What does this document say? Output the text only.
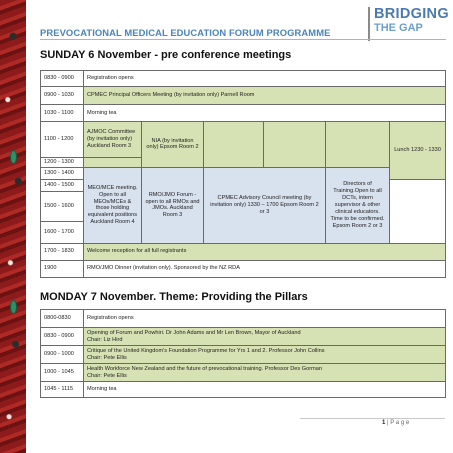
PREVOCATIONAL MEDICAL EDUCATION FORUM PROGRAMME
BRIDGING
THE GAP
SUNDAY 6 November - pre conference meetings
0830 - 0900	Registration opens					
0900 - 1030	CPMEC Principal Officers Meeting (by invitation only) Parnell Room					
1030 - 1100	Morning tea					
1100 - 1200	AJMOC Committee (by invitation only) Auckland Room 3	NIA (by invitation only) Epsom Room 2				Lunch 1230 - 1330
1200 - 1300						
1300 - 1400	MEO/MCE meeting. Open to all MEOs/MCEs & those holding equivalent positions Auckland Room 4	RMO/JMO Forum - open to all RMOs and JMOs. Auckland Room 3	CPMEC Advisory Council meeting (by invitation only) 1330 – 1700 Epsom Room 2 or 3		Directors of Training.Open to all DCTs, intern supervisor & other clinical educators. Time to be confirmed. Epsom Room 2 or 3	
1400 - 1500						
1500 - 1600						
1600 - 1700						
1700 - 1830	Welcome reception for all full registrants					
1900	RMO/JMO Dinner (invitation only). Sponsored by the NZ RDA					
MONDAY 7 November. Theme: Providing the Pillars
0800-0830	Registration opens

0830 - 0900	Opening of Forum and Powhiri. Dr John Adams and Mr Len Brown, Mayor of Auckland
Chair: Liz Hird

0900 - 1000	Critique of the United Kingdom's Foundation Programme for Yrs 1 and 2. Professor John Collins
Chair: Pete Ellis

1000 - 1045	Health Workforce New Zealand and the future of prevocational training. Professor Des Gorman
Chair: Pete Ellis

1045 - 1115	Morning tea
1 | P a g e
